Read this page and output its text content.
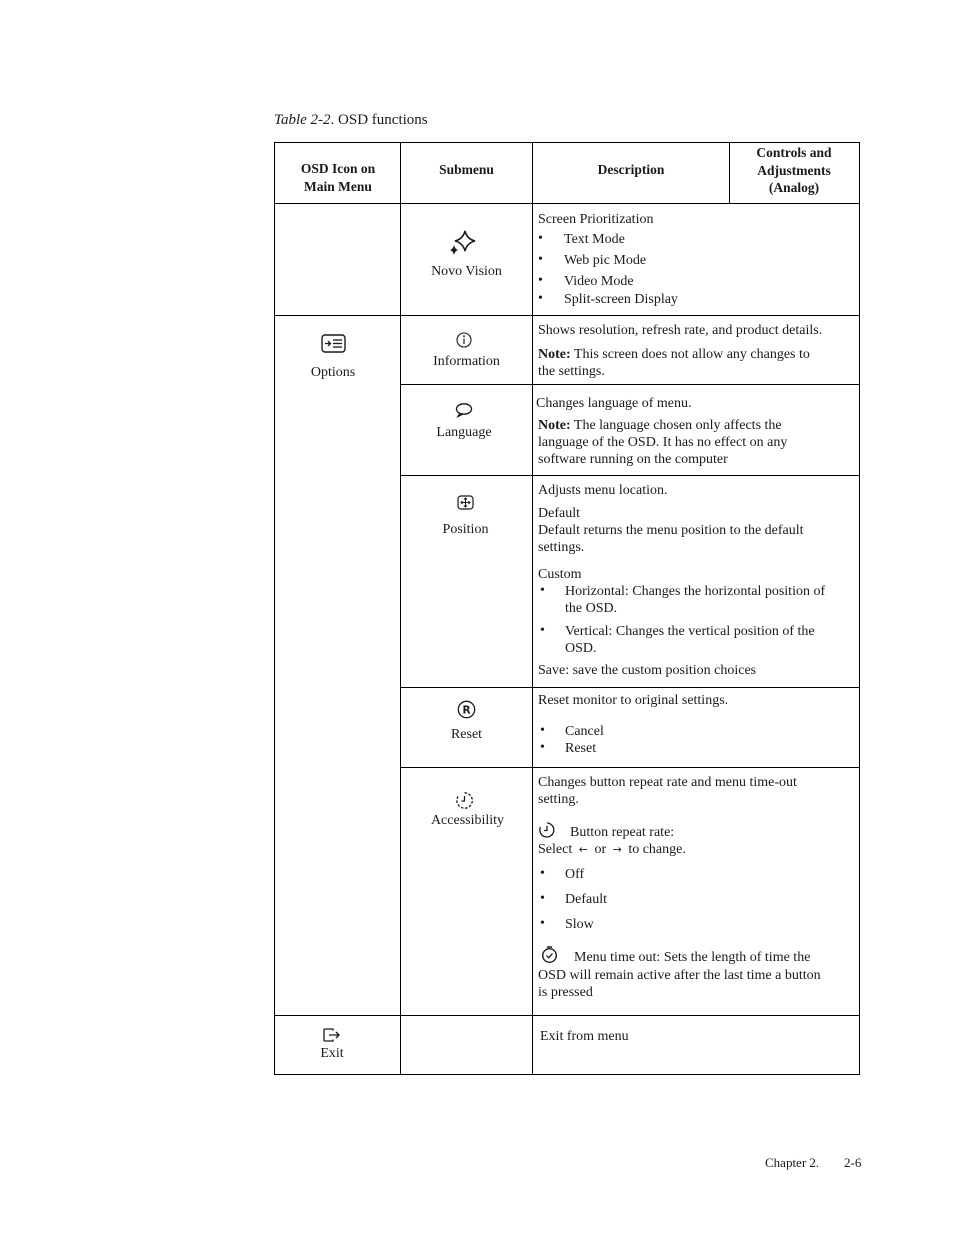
Table 2-2. OSD functions
OSD Icon on Main Menu
Submenu	Description
Controls and Adjustments (Analog)
Novo Vision
Screen Prioritization
• Text Mode
• Web pic Mode
• Video Mode
• Split-screen Display
Options
Information
Shows resolution, refresh rate, and product details.
Note: This screen does not allow any changes to
the settings.
Language
Changes language of menu.
Note: The language chosen only affects the
language of the OSD. It has no effect on any
software running on the computer
Position
Adjusts menu location.
Default
Default returns the menu position to the default
settings.
Custom
• Horizontal: Changes the horizontal position of
the OSD.
• Vertical: Changes the vertical position of the
OSD.
Save: save the custom position choices
R
Reset
Reset monitor to original settings.
• Cancel
• Reset
Accessibility
Changes button repeat rate and menu time-out
setting.
Button repeat rate:
Select ← or → to change.
• Off
• Default
• Slow
Menu time out: Sets the length of time the
OSD will remain active after the last time a button
is pressed
Exit
Exit from menu
Chapter 2. 2-6
